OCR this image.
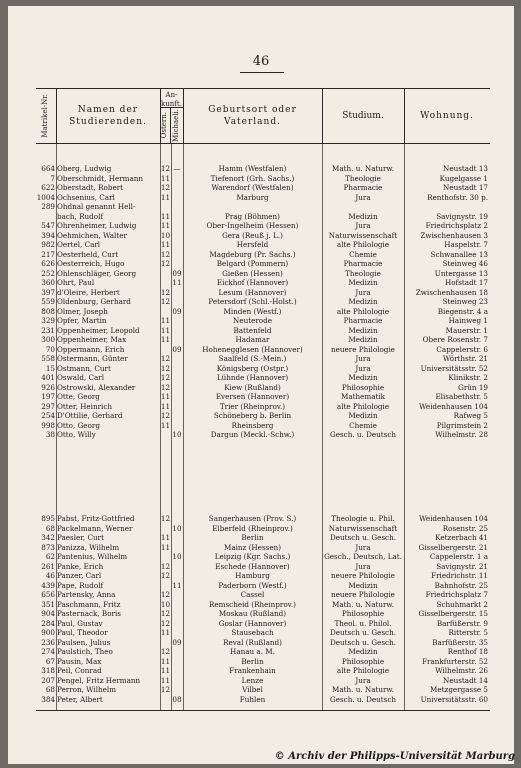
46
Matrikel-Nr.	Namen der Studierenden.
An-kunft.
Ostern. Michaeli.	Geburtsort oder Vaterland.
Studium.	Wohnung.
664 Oberg, Ludwig	12 —	Hamm (Westfalen)	Math. u. Naturw.	Neustadt 13
7 Oberschmidt, Hermann	11	Tiefenort (Grh. Sachs.)	Theologie	Kugelgasse 1
622 Oberstadt, Robert	12	Warendorf (Westfalen)	Pharmacie	Neustadt 17
1004 Ochsenius, Carl	11	Marburg	Jura	Renthofstr. 30 p.
289 Ohdnal genannt Hell-
bach, Rudolf	11	Prag (Böhmen)	Medizin	Savignystr. 19
547 Ohrenheimer, Ludwig	11	Ober-Ingelheim (Hessen)	Jura	Friedrichsplatz 2
394 Oehmichen, Walter	10	Gera (Reuß j. L.)	Naturwissenschaft	Zwischenhausen 3
982 Oertel, Carl	11	Hersfeld	alte Philologie	Haspelstr. 7
217 Oesterheld, Curt	12	Magdeburg (Pr. Sachs.)	Chemie	Schwanallee 13
626 Oesterreich, Hugo	12	Belgard (Pommern)	Pharmacie	Steinweg 46
252 Ohlenschläger, Georg	09	Gießen (Hessen)	Theologie	Untergasse 13
360 Ohrt, Paul	11	Eickhof (Hannover)	Medizin	Hofstadt 17
397 d'Oleire, Herbert	12	Lesum (Hannover)	Jura	Zwischenhausen 18
559 Oldenburg, Gerhard	12	Petersdorf (Schl.-Holst.)	Medizin	Steinweg 23
808 Olmer, Joseph	09	Minden (Westf.)	alte Philologie	Biegenstr. 4 a
329 Opfer, Martin	11	Neuterode	Pharmacie	Hainweg 1
231 Oppenheimer, Leopold	11	Battenfeld	Medizin	Mauerstr. 1
300 Oppenheimer, Max	11	Hadamar	Medizin	Obere Rosenstr. 7
70 Oppermann, Erich	09	Hohenegglesen (Hannover)	neuere Philologie	Cappelerstr. 6
558 Ostermann, Günter	12	Saalfeld (S.-Mein.)	Jura	Wörthstr. 21
15 Ostmann, Curt	12	Königsberg (Ostpr.)	Jura	Universitätsstr. 52
401 Oswald, Carl	12	Lühnde (Hannover)	Medizin	Klinikstr. 2
926 Ostrowski, Alexander	12	Kiew (Rußland)	Philosophie	Grün 19
197 Otte, Georg	11	Eversen (Hannover)	Mathematik	Elisabethstr. 5
297 Otter, Heinrich	11	Trier (Rheinprov.)	alte Philologie	Weidenhausen 104
254 D'Ottilie, Gerhard	12	Schöneberg b. Berlin	Medizin	Rafweg 5
998 Otto, Georg	11	Rheinsberg	Chemie	Pilgrimstein 2
38 Otto, Willy	10	Dargun (Meckl.-Schw.)	Gesch. u. Deutsch	Wilhelmstr. 28
895 Pabst, Fritz-Gottfried	12	Sangerhausen (Prov. S.)	Theologie u. Phil.	Weidenhausen 104
68 Packelmann, Werner	10	Elberfeld (Rheinprov.)	Naturwissenschaft	Rosenstr. 25
342 Paesler, Curt	11	Berlin	Deutsch u. Gesch.	Ketzerbach 41
873 Panizza, Wilhelm	11	Mainz (Hessen)	Jura	Gisselbergerstr. 21
62 Pantenius, Wilhelm	10	Leipzig (Kgr. Sachs.)	Gesch., Deutsch, Lat.	Cappelerstr. 1 a
261 Panke, Erich	12	Eschede (Hannover)	Jura	Savignystr. 21
46 Panzer, Carl	12	Hamburg	neuere Philologie	Friedrichstr. 11
439 Pape, Rudolf	11	Paderborn (Westf.)	Medizin	Bahnhofstr. 25
656 Partensky, Anna	12	Cassel	neuere Philologie	Friedrichsplatz 7
351 Paschmann, Fritz	10	Remscheid (Rheinprov.)	Math. u. Naturw.	Schuhmarkt 2
904 Pasternack, Boris	12	Moskau (Rußland)	Philosophie	Gisselbergerstr. 15
284 Paul, Gustav	12	Goslar (Hannover)	Theol. u. Philol.	Barfüßerstr. 9
900 Paul, Theodor	11	Stausebach	Deutsch u. Gesch.	Ritterstr. 5
236 Paulsen, Julius	09	Reval (Rußland)	Deutsch u. Gesch.	Barfüßerstr. 35
274 Paulstich, Theo	12	Hanau a. M.	Medizin	Renthof 18
67 Pausin, Max	11	Berlin	Philosophie	Frankfurterstr. 52
318 Peil, Conrad	11	Frankenhain	alte Philologie	Wilhelmstr. 26
207 Pengel, Fritz Hermann	11	Lenze	Jura	Neustadt 14
68 Perron, Wilhelm	12	Vilbel	Math. u. Naturw.	Metzgergasse 5
384 Peter, Albert	08	Fuhlen	Gesch. u. Deutsch	Universitätsstr. 60
© Archiv der Philipps-Universität Marburg
